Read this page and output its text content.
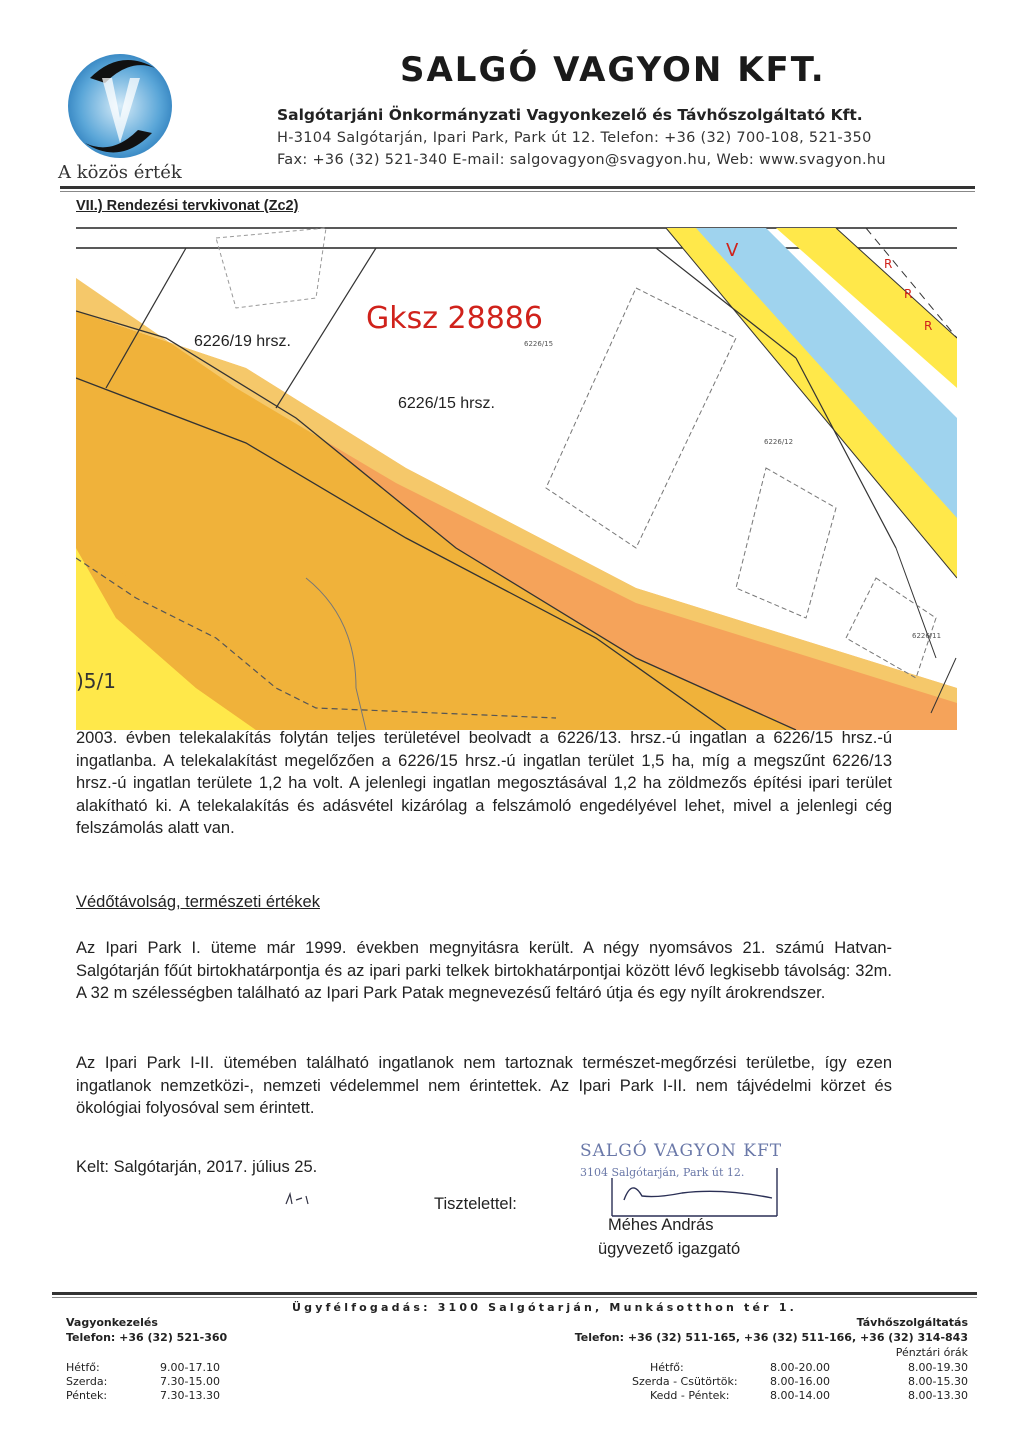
A közös érték
SALGÓ VAGYON KFT.
Salgótarjáni Önkormányzati Vagyonkezelő és Távhőszolgáltató Kft.
H-3104 Salgótarján, Ipari Park, Park út 12. Telefon: +36 (32) 700-108, 521-350
Fax: +36 (32) 521-340 E-mail: salgovagyon@svagyon.hu, Web: www.svagyon.hu
VII.) Rendezési tervkivonat (Zc2)
V
R
R
R
Gksz 28886
6226/15
6226/19 hrsz.
6226/15 hrsz.
6226/12
6226/11
)5/1
2003. évben telekalakítás folytán teljes területével beolvadt a 6226/13. hrsz.-ú ingatlan a 6226/15 hrsz.-ú ingatlanba. A telekalakítást megelőzően a 6226/15 hrsz.-ú ingatlan terület 1,5 ha, míg a megszűnt 6226/13 hrsz.-ú ingatlan területe 1,2 ha volt. A jelenlegi ingatlan megosztásával 1,2 ha zöldmezős építési ipari terület alakítható ki. A telekalakítás és adásvétel kizárólag a felszámoló engedélyével lehet, mivel a jelenlegi cég felszámolás alatt van.
Védőtávolság, természeti értékek
Az Ipari Park I. üteme már 1999. években megnyitásra került. A négy nyomsávos 21. számú Hatvan-Salgótarján főút birtokhatárpontja és az ipari parki telkek birtokhatárpontjai között lévő legkisebb távolság: 32m. A 32 m szélességben található az Ipari Park Patak megnevezésű feltáró útja és egy nyílt árokrendszer.
Az Ipari Park I-II. ütemében található ingatlanok nem tartoznak természet-megőrzési területbe, így ezen ingatlanok nemzetközi-, nemzeti védelemmel nem érintettek. Az Ipari Park I-II. nem tájvédelmi körzet és ökológiai folyosóval sem érintett.
Kelt: Salgótarján, 2017. július 25.
Tisztelettel:
SALGÓ VAGYON KFT
3104 Salgótarján, Park út 12.
Méhes András
ügyvezető igazgató
Ügyfélfogadás: 3100 Salgótarján, Munkásotthon tér 1.
Vagyonkezelés
Telefon: +36 (32) 521-360
Hétfő:	9.00-17.10
Szerda:	7.30-15.00
Péntek:	7.30-13.30
Távhőszolgáltatás
Telefon: +36 (32) 511-165, +36 (32) 511-166, +36 (32) 314-843
Pénztári órák
Hétfő:	8.00-20.00	8.00-19.30
Szerda - Csütörtök:	8.00-16.00	8.00-15.30
Kedd - Péntek:	8.00-14.00	8.00-13.30
